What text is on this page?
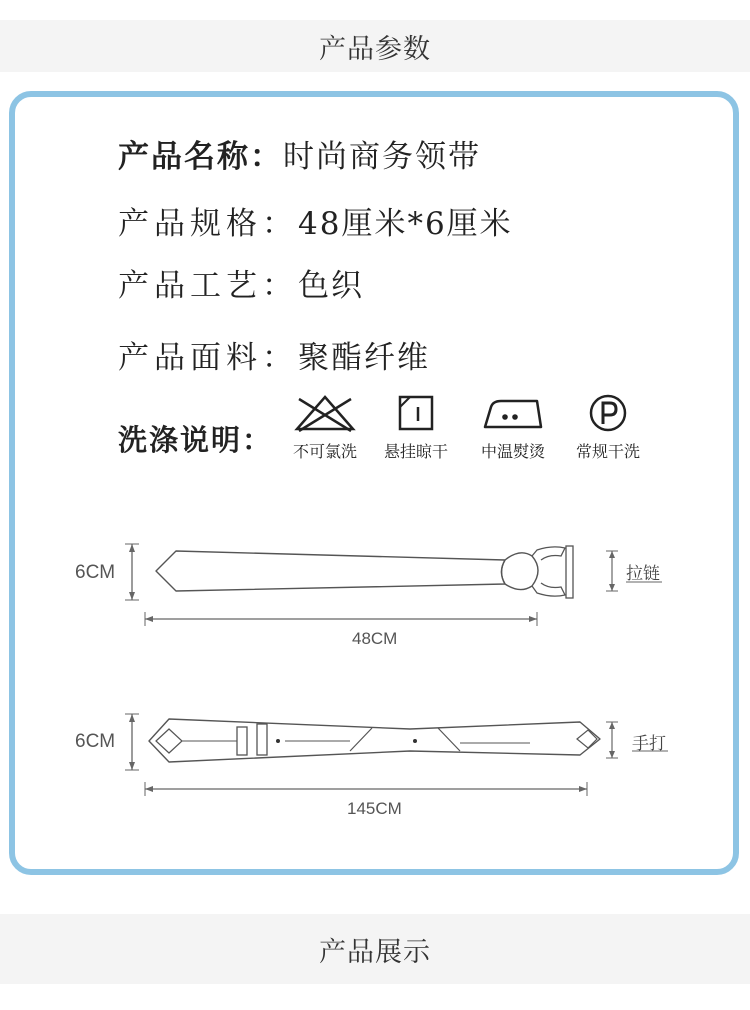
产品参数
产品名称：时尚商务领带
产品规格：48厘米*6厘米
产品工艺：色织
产品面料：聚酯纤维
洗涤说明：	不可氯洗	悬挂晾干	中温熨烫	常规干洗
6CM
48CM
拉链
6CM
145CM
手打
产品展示
